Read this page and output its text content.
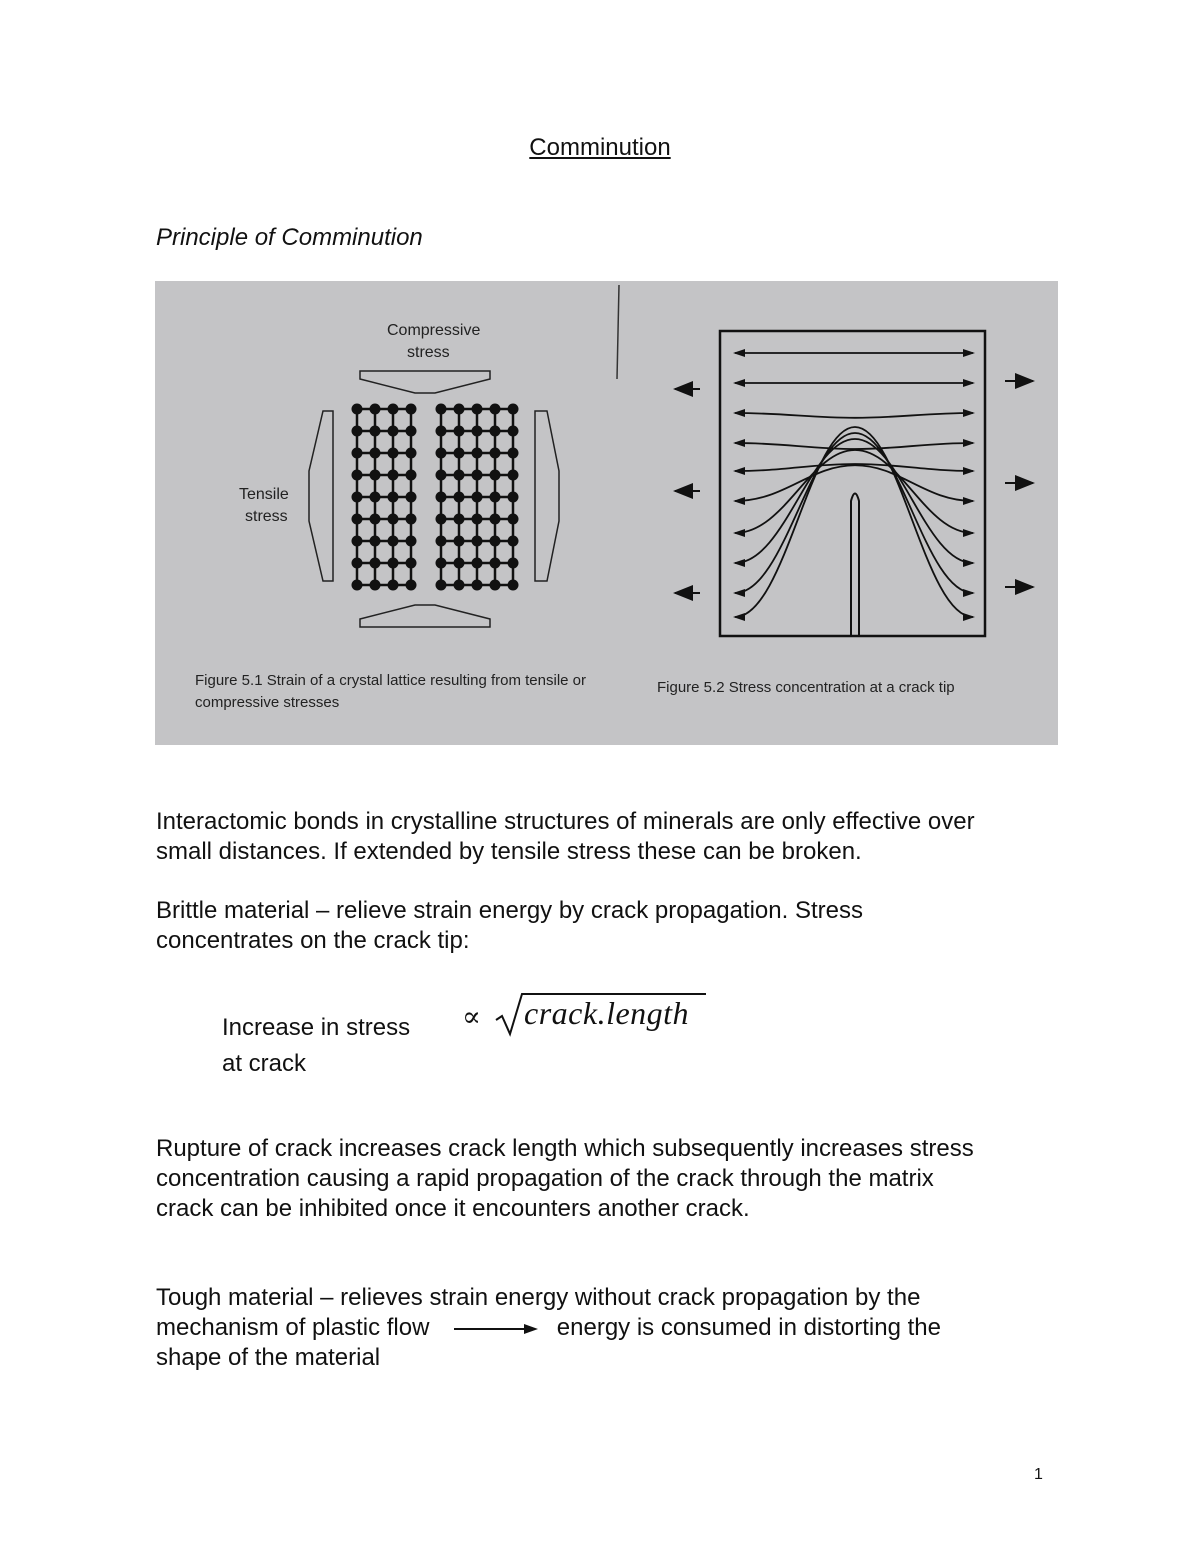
Comminution
Principle of Comminution
Compressive
stress
Tensile
stress
Figure 5.1 Strain of a crystal lattice resulting from tensile or
compressive stresses
Figure 5.2 Stress concentration at a crack tip
Interactomic bonds in crystalline structures of minerals are only effective over
small distances. If extended by tensile stress these can be broken.
Brittle material – relieve strain energy by crack propagation. Stress
concentrates on the crack tip:
Increase in stress
at crack
∝ crack.length
Rupture of crack increases crack length which subsequently increases stress
concentration causing a rapid propagation of the crack through the matrix
crack can be inhibited once it encounters another crack.
Tough material – relieves strain energy without crack propagation by the
mechanism of plastic flow	energy is consumed in distorting the
shape of the material
1
